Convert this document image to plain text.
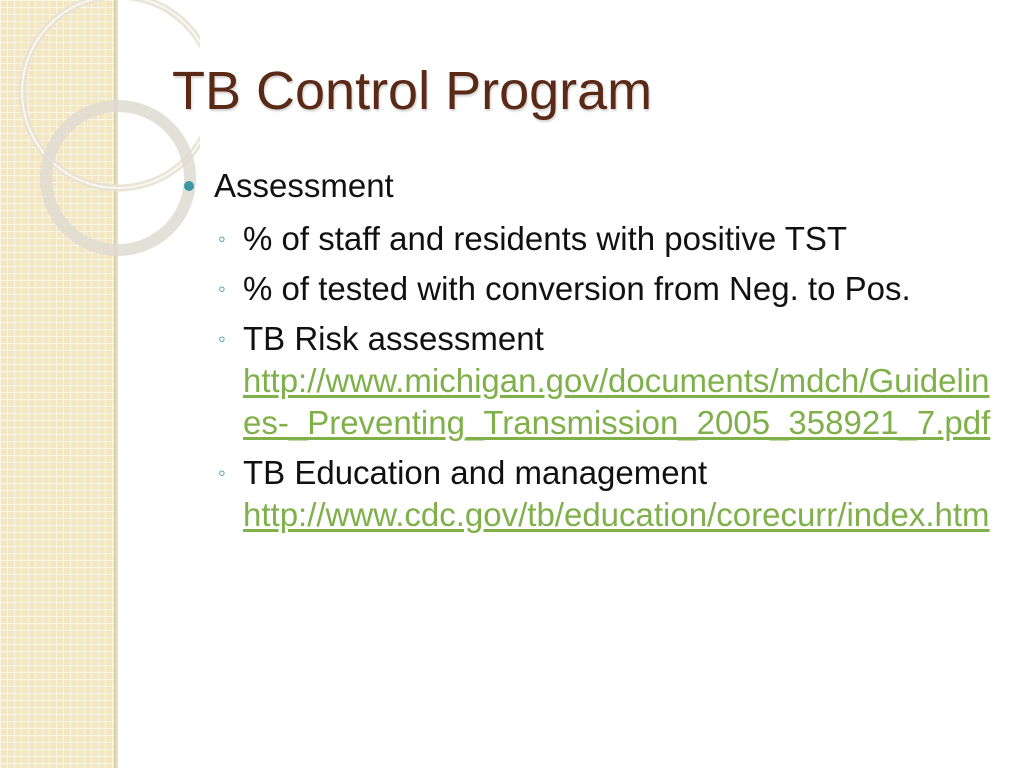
TB Control Program
Assessment
◦ % of staff and residents with positive TST
◦ % of tested with conversion from Neg. to Pos.
◦ TB Risk assessment
http://www.michigan.gov/documents/mdch/Guidelines-_Preventing_Transmission_2005_358921_7.pdf
◦ TB Education and management
http://www.cdc.gov/tb/education/corecurr/index.htm
